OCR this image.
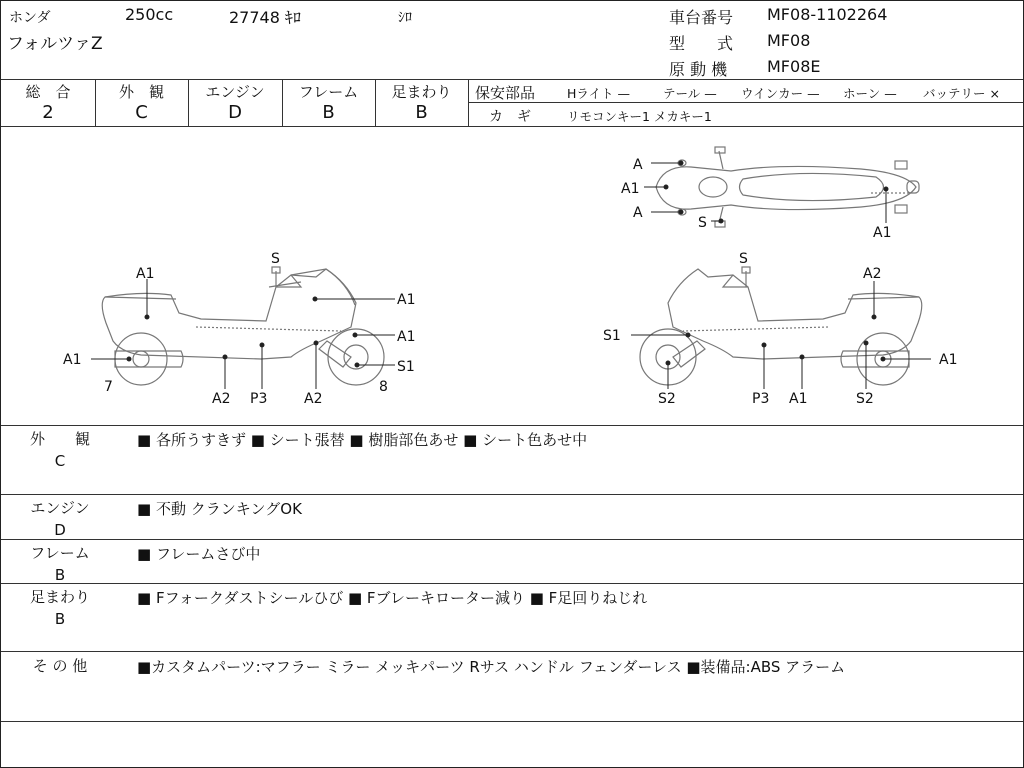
ホンダ	250cc	27748 ｷﾛ	ｼﾛ
フォルツァZ
車台番号 MF08-1102264
型　　式 MF08
原 動 機 MF08E
総　合
2
外　観
C
エンジン
D
フレーム
B
足まわり
B
保安部品	Hライト —	テール — ウインカー — ホーン — バッテリー ×
カ　ギ	リモコンキー1 メカキー1
A
A1
A
S
A1
S
A1
A1
A1
A1	S1
7	8
A2 P3	A2
S
A2
S1
A1
S2	P3 A1	S2
外　　観
C
■ 各所うすきず ■ シート張替 ■ 樹脂部色あせ ■ シート色あせ中
エンジン
D
■ 不動 クランキングOK
フレーム
B
■ フレームさび中
足まわり
B
■ Fフォークダストシールひび ■ Fブレーキローター減り ■ F足回りねじれ
そ の 他	■カスタムパーツ:マフラー ミラー メッキパーツ Rサス ハンドル フェンダーレス ■装備品:ABS アラーム
